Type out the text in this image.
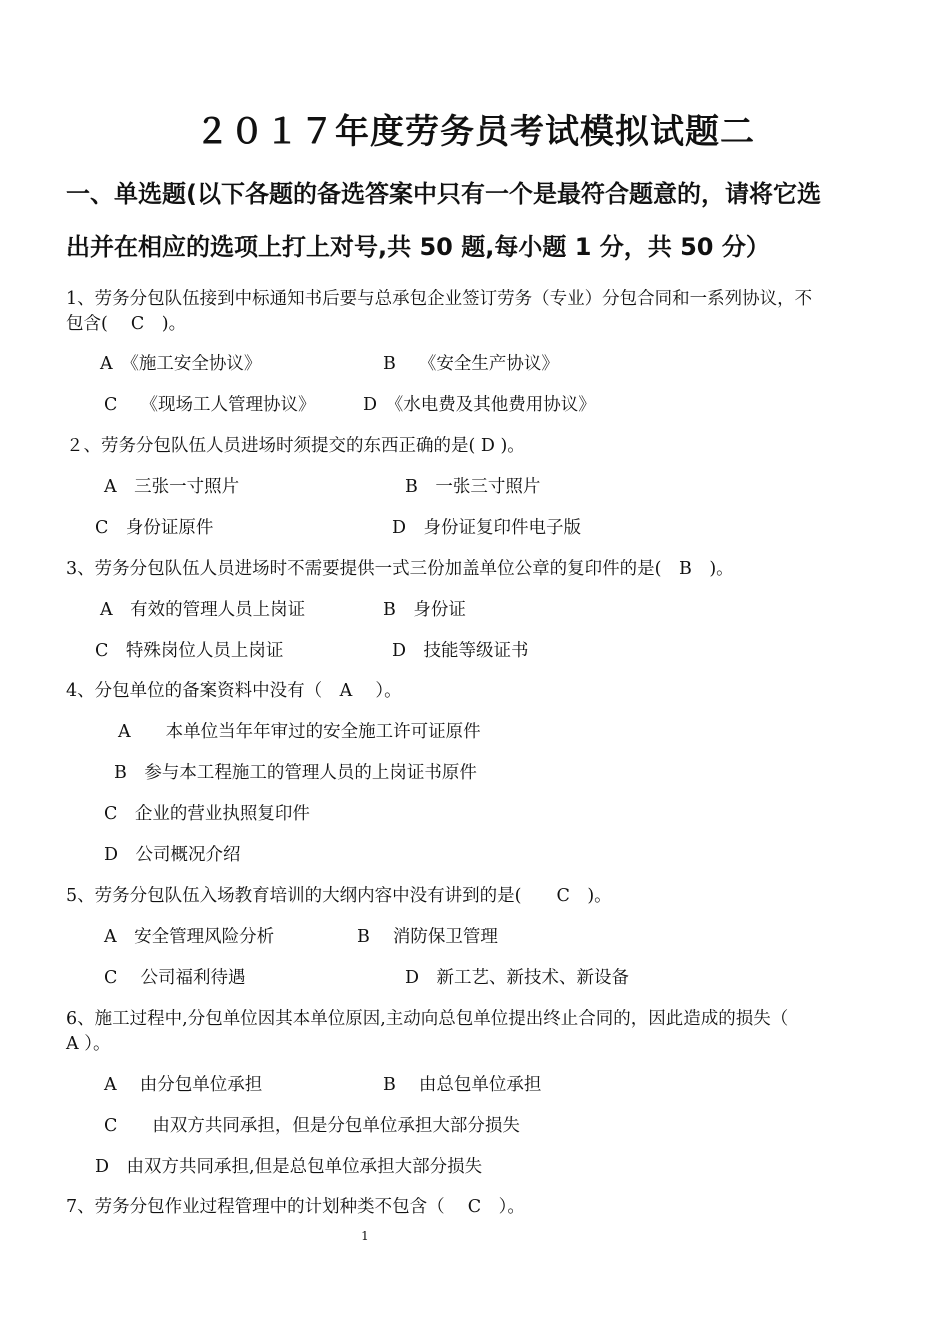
２０１７年度劳务员考试模拟试题二
一、单选题(以下各题的备选答案中只有一个是最符合题意的，请将它选
出并在相应的选项上打上对号,共 50 题,每小题 1 分，共 50 分）
1、劳务分包队伍接到中标通知书后要与总承包企业签订劳务（专业）分包合同和一系列协议，不
包含(　 C　)。
A　《施工安全协议》	B　 《安全生产协议》
C　 《现场工人管理协议》	D　《水电费及其他费用协议》
２、劳务分包队伍人员进场时须提交的东西正确的是( D )。
A　三张一寸照片	B　一张三寸照片
C　身份证原件	D　身份证复印件电子版
3、劳务分包队伍人员进场时不需要提供一式三份加盖单位公章的复印件的是(　B　)。
A　有效的管理人员上岗证	B　身份证
C　特殊岗位人员上岗证	D　技能等级证书
4、分包单位的备案资料中没有（　A　 ）。
A　　本单位当年年审过的安全施工许可证原件
B　参与本工程施工的管理人员的上岗证书原件
C　企业的营业执照复印件
D　公司概况介绍
5、劳务分包队伍入场教育培训的大纲内容中没有讲到的是(　　C　)。
A　安全管理风险分析	B　 消防保卫管理
C　 公司福利待遇	D　新工艺、新技术、新设备
6、施工过程中,分包单位因其本单位原因,主动向总包单位提出终止合同的，因此造成的损失（
A ）。
A　 由分包单位承担	B　 由总包单位承担
C　　由双方共同承担，但是分包单位承担大部分损失
D　由双方共同承担,但是总包单位承担大部分损失
7、劳务分包作业过程管理中的计划种类不包含（　 C　）。
1
